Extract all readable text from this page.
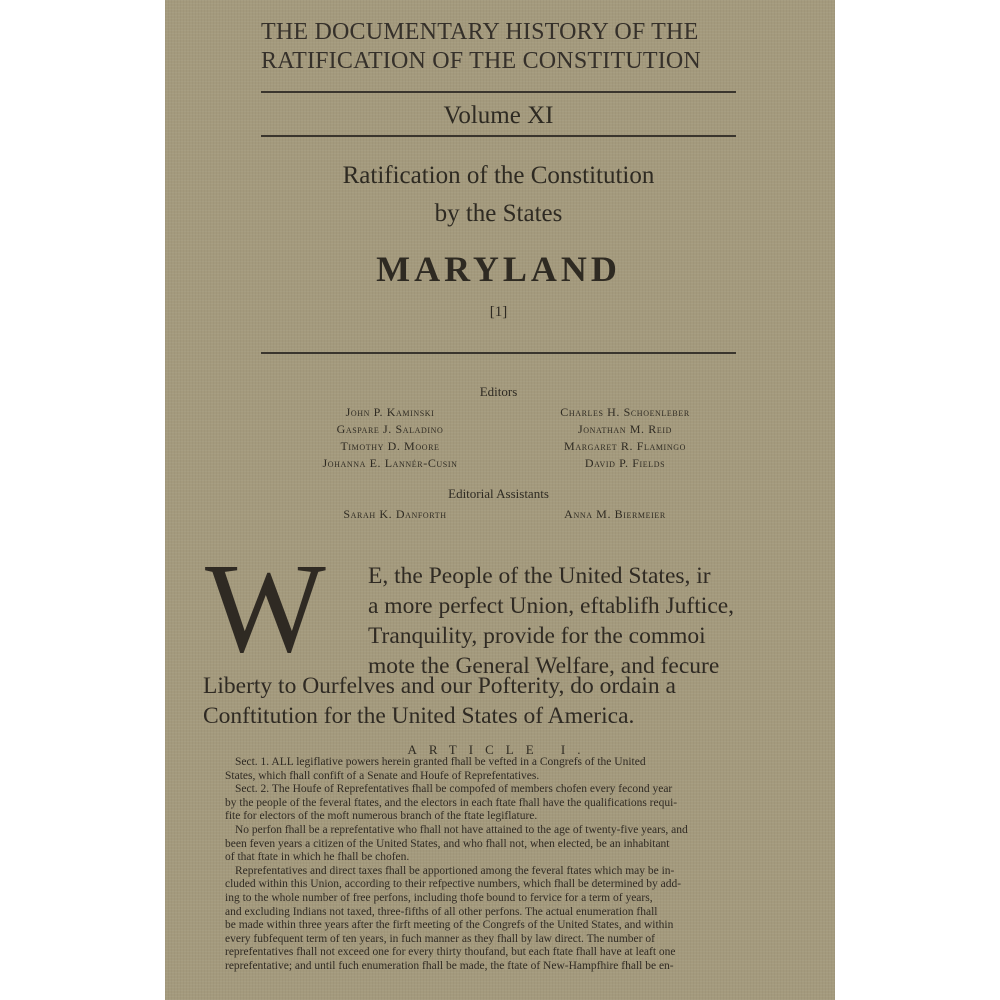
THE DOCUMENTARY HISTORY OF THE
RATIFICATION OF THE CONSTITUTION
Volume XI
Ratification of the Constitution
by the States
MARYLAND
[1]
Editors
John P. Kaminski
Gaspare J. Saladino
Timothy D. Moore
Johanna E. Lannér-Cusin
Charles H. Schoenleber
Jonathan M. Reid
Margaret R. Flamingo
David P. Fields
Editorial Assistants
Sarah K. Danforth	Anna M. Biermeier
W E, the People of the United States, ir
a more perfect Union, eftablifh Juftice,
Tranquility, provide for the commoi
mote the General Welfare, and fecure
Liberty to Ourfelves and our Pofterity, do ordain a
Conftitution for the United States of America.
ARTICLE I.
Sect. 1. ALL legiflative powers herein granted fhall be vefted in a Congrefs of the United
States, which fhall confift of a Senate and Houfe of Reprefentatives.
Sect. 2. The Houfe of Reprefentatives fhall be compofed of members chofen every fecond year
by the people of the feveral ftates, and the electors in each ftate fhall have the qualifications requi-
fite for electors of the moft numerous branch of the ftate legiflature.
No perfon fhall be a reprefentative who fhall not have attained to the age of twenty-five years, and
been feven years a citizen of the United States, and who fhall not, when elected, be an inhabitant
of that ftate in which he fhall be chofen.
Reprefentatives and direct taxes fhall be apportioned among the feveral ftates which may be in-
cluded within this Union, according to their refpective numbers, which fhall be determined by add-
ing to the whole number of free perfons, including thofe bound to fervice for a term of years,
and excluding Indians not taxed, three-fifths of all other perfons. The actual enumeration fhall
be made within three years after the firft meeting of the Congrefs of the United States, and within
every fubfequent term of ten years, in fuch manner as they fhall by law direct. The number of
reprefentatives fhall not exceed one for every thirty thoufand, but each ftate fhall have at leaft one
reprefentative; and until fuch enumeration fhall be made, the ftate of New-Hampfhire fhall be en-
